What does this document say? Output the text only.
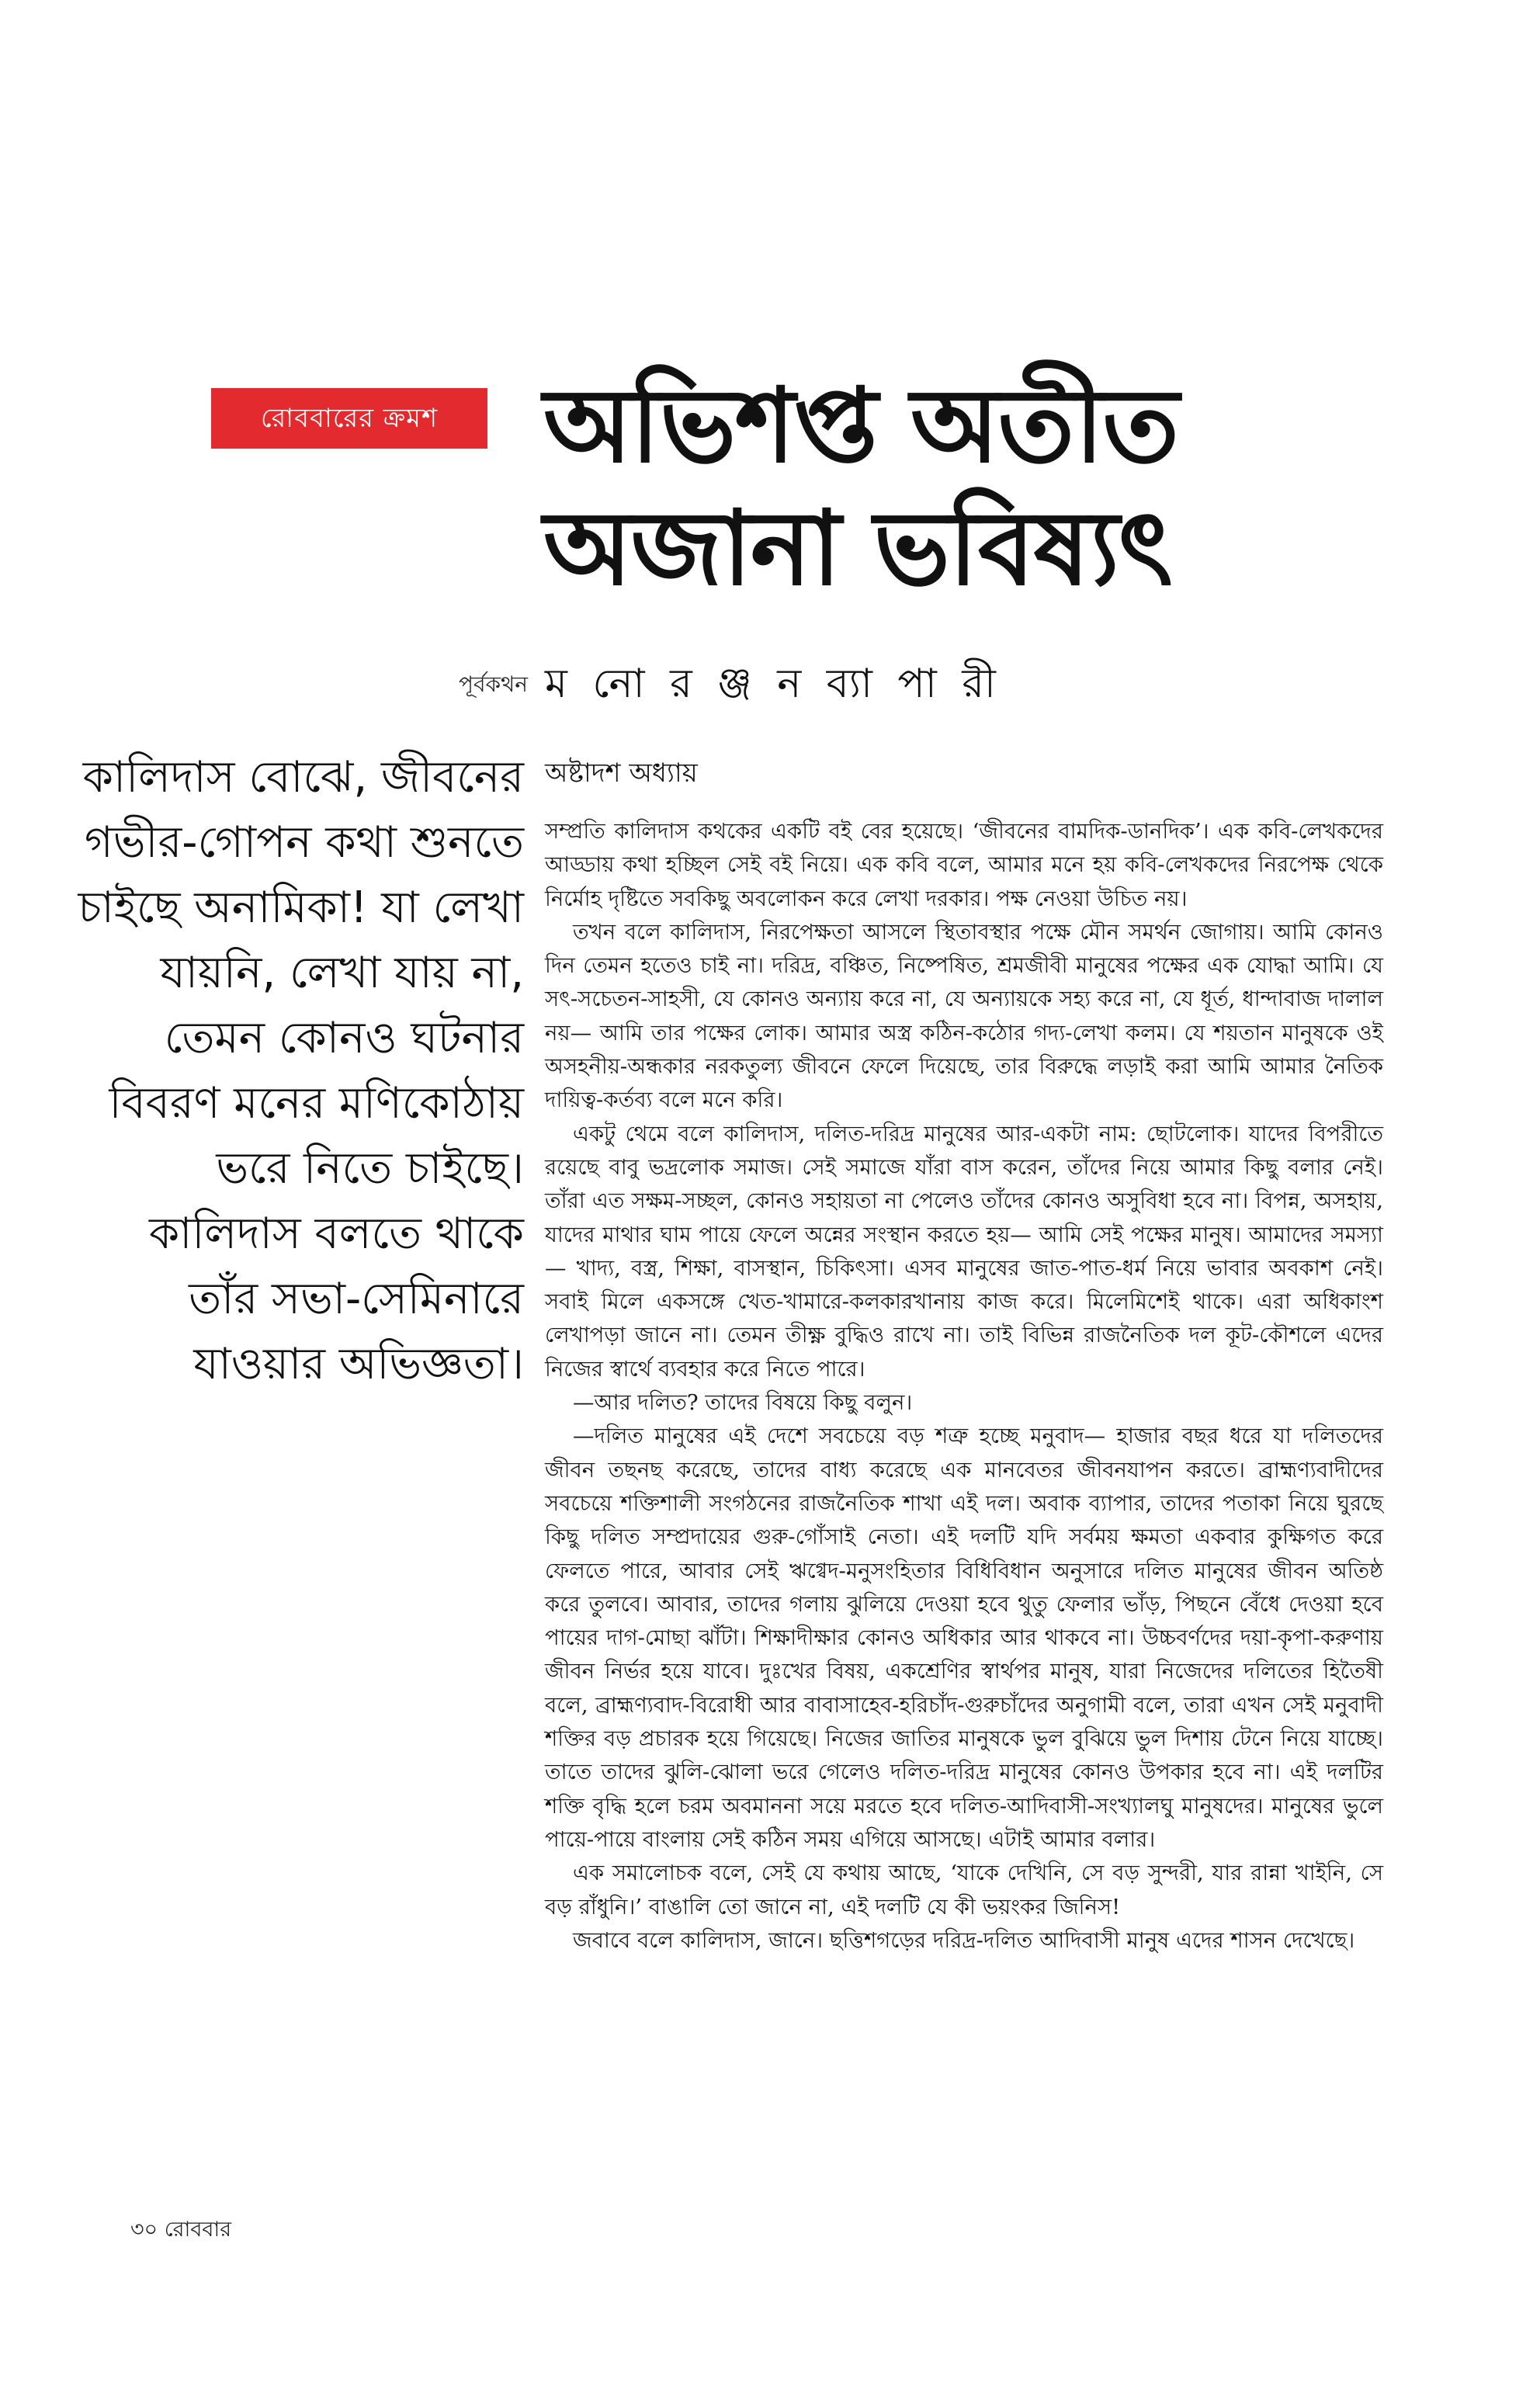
রোববারের ক্রমশ	অভিশপ্ত অতীত
অজানা ভবিষ্যৎ
পূর্বকথন ম নো র ঞ্জ ন ব্যা পা রী

কালিদাস বোঝে, জীবনের গভীর-গোপন কথা শুনতে চাইছে অনামিকা! যা লেখা যায়নি, লেখা যায় না, তেমন কোনও ঘটনার বিবরণ মনের মণিকোঠায় ভরে নিতে চাইছে। কালিদাস বলতে থাকে তাঁর সভা-সেমিনারে যাওয়ার অভিজ্ঞতা।

অষ্টাদশ অধ্যায়

সম্প্রতি কালিদাস কথকের একটি বই বের হয়েছে। ‘জীবনের বামদিক-ডানদিক’। এক কবি-লেখকদের আড্ডায় কথা হচ্ছিল সেই বই নিয়ে। এক কবি বলে, আমার মনে হয় কবি-লেখকদের নিরপেক্ষ থেকে নির্মোহ দৃষ্টিতে সবকিছু অবলোকন করে লেখা দরকার। পক্ষ নেওয়া উচিত নয়।

তখন বলে কালিদাস, নিরপেক্ষতা আসলে স্থিতাবস্থার পক্ষে মৌন সমর্থন জোগায়। আমি কোনও দিন তেমন হতেও চাই না। দরিদ্র, বঞ্চিত, নিষ্পেষিত, শ্রমজীবী মানুষের পক্ষের এক যোদ্ধা আমি। যে সৎ-সচেতন-সাহসী, যে কোনও অন্যায় করে না, যে অন্যায়কে সহ্য করে না, যে ধূর্ত, ধান্দাবাজ দালাল নয়— আমি তার পক্ষের লোক। আমার অস্ত্র কঠিন-কঠোর গদ্য-লেখা কলম। যে শয়তান মানুষকে ওই অসহনীয়-অন্ধকার নরকতুল্য জীবনে ফেলে দিয়েছে, তার বিরুদ্ধে লড়াই করা আমি আমার নৈতিক দায়িত্ব-কর্তব্য বলে মনে করি।

একটু থেমে বলে কালিদাস, দলিত-দরিদ্র মানুষের আর-একটা নাম: ছোটলোক। যাদের বিপরীতে রয়েছে বাবু ভদ্রলোক সমাজ। সেই সমাজে যাঁরা বাস করেন, তাঁদের নিয়ে আমার কিছু বলার নেই। তাঁরা এত সক্ষম-সচ্ছল, কোনও সহায়তা না পেলেও তাঁদের কোনও অসুবিধা হবে না। বিপন্ন, অসহায়, যাদের মাথার ঘাম পায়ে ফেলে অন্নের সংস্থান করতে হয়— আমি সেই পক্ষের মানুষ। আমাদের সমস্যা— খাদ্য, বস্ত্র, শিক্ষা, বাসস্থান, চিকিৎসা। এসব মানুষের জাত-পাত-ধর্ম নিয়ে ভাবার অবকাশ নেই। সবাই মিলে একসঙ্গে খেত-খামারে-কলকারখানায় কাজ করে। মিলেমিশেই থাকে। এরা অধিকাংশ লেখাপড়া জানে না। তেমন তীক্ষ্ণ বুদ্ধিও রাখে না। তাই বিভিন্ন রাজনৈতিক দল কূট-কৌশলে এদের নিজের স্বার্থে ব্যবহার করে নিতে পারে।

—আর দলিত? তাদের বিষয়ে কিছু বলুন।

—দলিত মানুষের এই দেশে সবচেয়ে বড় শত্রু হচ্ছে মনুবাদ— হাজার বছর ধরে যা দলিতদের জীবন তছনছ করেছে, তাদের বাধ্য করেছে এক মানবেতর জীবনযাপন করতে। ব্রাহ্মণ্যবাদীদের সবচেয়ে শক্তিশালী সংগঠনের রাজনৈতিক শাখা এই দল। অবাক ব্যাপার, তাদের পতাকা নিয়ে ঘুরছে কিছু দলিত সম্প্রদায়ের গুরু-গোঁসাই নেতা। এই দলটি যদি সর্বময় ক্ষমতা একবার কুক্ষিগত করে ফেলতে পারে, আবার সেই ঋগ্বেদ-মনুসংহিতার বিধিবিধান অনুসারে দলিত মানুষের জীবন অতিষ্ঠ করে তুলবে। আবার, তাদের গলায় ঝুলিয়ে দেওয়া হবে থুতু ফেলার ভাঁড়, পিছনে বেঁধে দেওয়া হবে পায়ের দাগ-মোছা ঝাঁটা। শিক্ষাদীক্ষার কোনও অধিকার আর থাকবে না। উচ্চবর্ণদের দয়া-কৃপা-করুণায় জীবন নির্ভর হয়ে যাবে। দুঃখের বিষয়, একশ্রেণির স্বার্থপর মানুষ, যারা নিজেদের দলিতের হিতৈষী বলে, ব্রাহ্মণ্যবাদ-বিরোধী আর বাবাসাহেব-হরিচাঁদ-গুরুচাঁদের অনুগামী বলে, তারা এখন সেই মনুবাদী শক্তির বড় প্রচারক হয়ে গিয়েছে। নিজের জাতির মানুষকে ভুল বুঝিয়ে ভুল দিশায় টেনে নিয়ে যাচ্ছে। তাতে তাদের ঝুলি-ঝোলা ভরে গেলেও দলিত-দরিদ্র মানুষের কোনও উপকার হবে না। এই দলটির শক্তি বৃদ্ধি হলে চরম অবমাননা সয়ে মরতে হবে দলিত-আদিবাসী-সংখ্যালঘু মানুষদের। মানুষের ভুলে পায়ে-পায়ে বাংলায় সেই কঠিন সময় এগিয়ে আসছে। এটাই আমার বলার।

এক সমালোচক বলে, সেই যে কথায় আছে, ‘যাকে দেখিনি, সে বড় সুন্দরী, যার রান্না খাইনি, সে বড় রাঁধুনি।’ বাঙালি তো জানে না, এই দলটি যে কী ভয়ংকর জিনিস!

জবাবে বলে কালিদাস, জানে। ছত্তিশগড়ের দরিদ্র-দলিত আদিবাসী মানুষ এদের শাসন দেখেছে।

৩০ রোববার
